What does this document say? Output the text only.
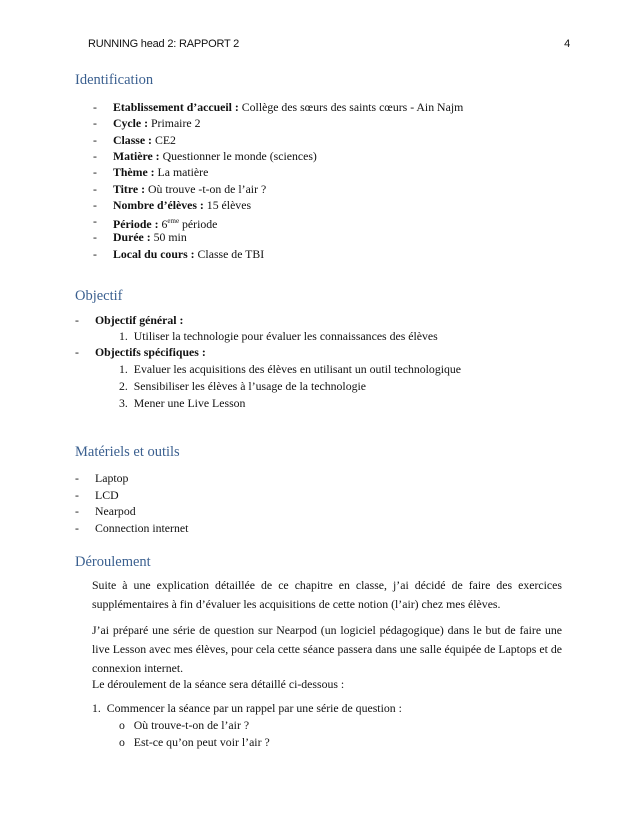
RUNNING head 2: RAPPORT 2	4
Identification
- Etablissement d’accueil : Collège des sœurs des saints cœurs - Ain Najm
- Cycle : Primaire 2
- Classe : CE2
- Matière : Questionner le monde (sciences)
- Thème : La matière
- Titre : Où trouve -t-on de l’air ?
- Nombre d’élèves : 15 élèves
- Période : 6eme période
- Durée : 50 min
- Local du cours : Classe de TBI
Objectif
- Objectif général :
1.  Utiliser la technologie pour évaluer les connaissances des élèves
- Objectifs spécifiques :
1.  Evaluer les acquisitions des élèves en utilisant un outil technologique
2.  Sensibiliser les élèves à l’usage de la technologie
3.  Mener une Live Lesson
Matériels et outils
- Laptop
- LCD
- Nearpod
- Connection internet
Déroulement
Suite à une explication détaillée de ce chapitre en classe, j’ai décidé de faire des exercices supplémentaires à fin d’évaluer les acquisitions de cette notion (l’air) chez mes élèves.
J’ai préparé une série de question sur Nearpod (un logiciel pédagogique) dans le but de faire une live Lesson avec mes élèves, pour cela cette séance passera dans une salle équipée de Laptops et de connexion internet.
Le déroulement de la séance sera détaillé ci-dessous :
1.  Commencer la séance par un rappel par une série de question :
o   Où trouve-t-on de l’air ?
o   Est-ce qu’on peut voir l’air ?
